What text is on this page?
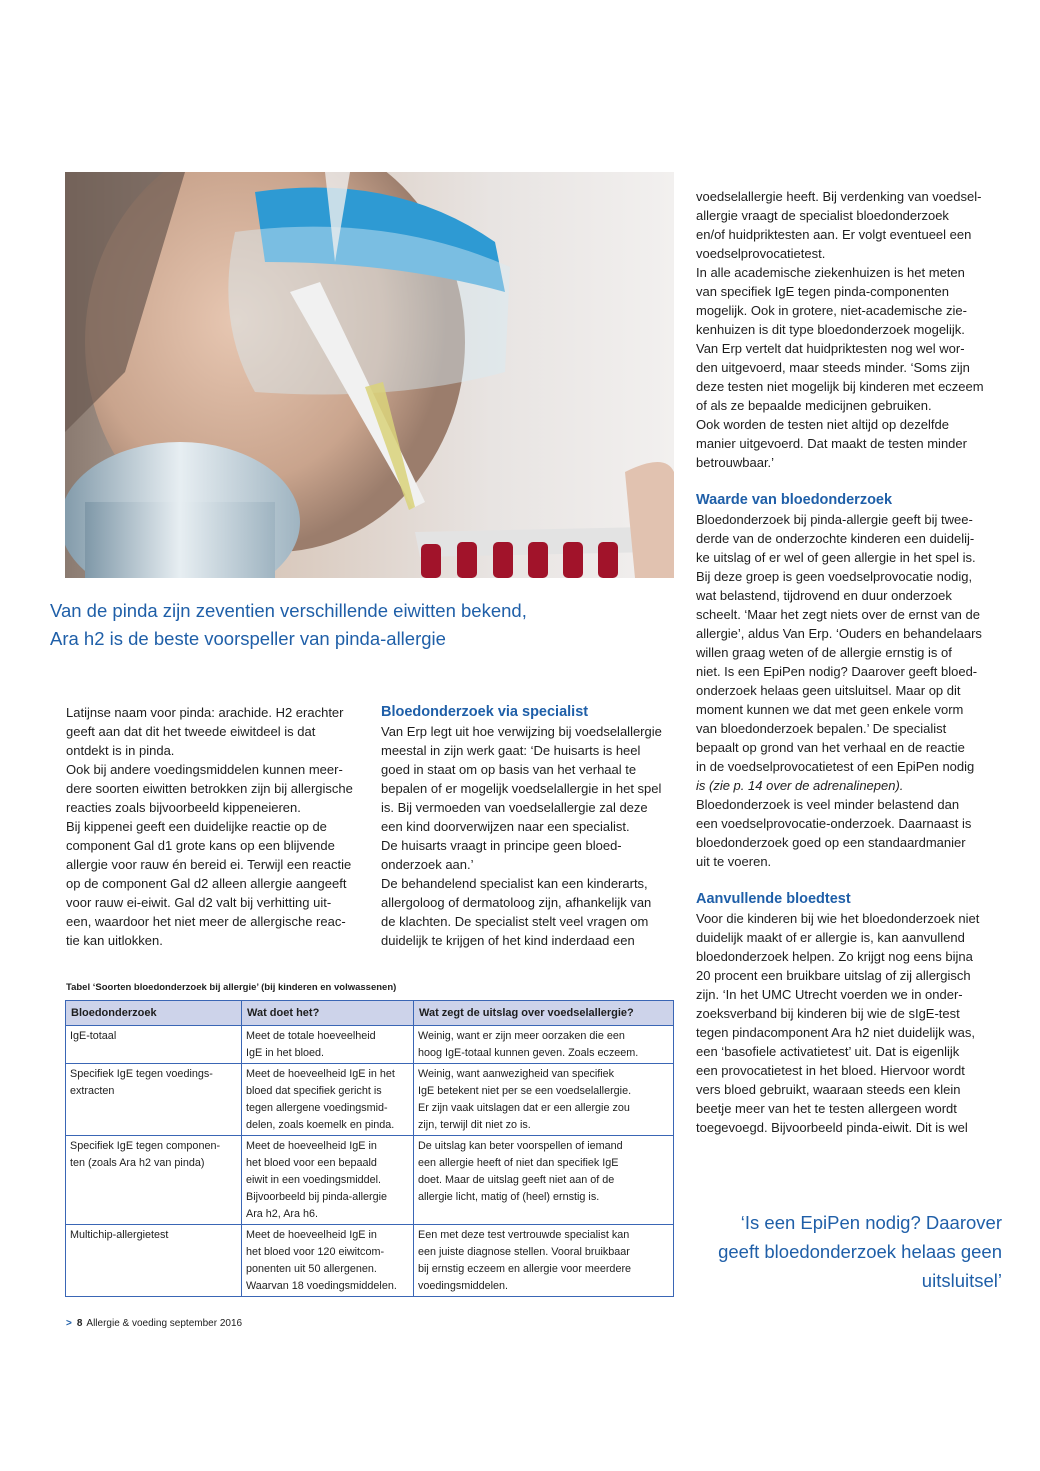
Van de pinda zijn zeventien verschillende eiwitten bekend,

Ara h2 is de beste voorspeller van pinda-allergie

Latijnse naam voor pinda: arachide. H2 erachter

geeft aan dat dit het tweede eiwitdeel is dat

ontdekt is in pinda.

Ook bij andere voedingsmiddelen kunnen meer-

dere soorten eiwitten betrokken zijn bij allergische

reacties zoals bijvoorbeeld kippeneieren.

Bij kippenei geeft een duidelijke reactie op de

component Gal d1 grote kans op een blijvende

allergie voor rauw én bereid ei. Terwijl een reactie

op de component Gal d2 alleen allergie aangeeft

voor rauw ei-eiwit. Gal d2 valt bij verhitting uit-

een, waardoor het niet meer de allergische reac-

tie kan uitlokken.

Bloedonderzoek via specialist

Van Erp legt uit hoe verwijzing bij voedselallergie

meestal in zijn werk gaat: ‘De huisarts is heel

goed in staat om op basis van het verhaal te

bepalen of er mogelijk voedselallergie in het spel

is. Bij vermoeden van voedselallergie zal deze

een kind doorverwijzen naar een specialist.

De huisarts vraagt in principe geen bloed-

onderzoek aan.’

De behandelend specialist kan een kinderarts,

allergoloog of dermatoloog zijn, afhankelijk van

de klachten. De specialist stelt veel vragen om

duidelijk te krijgen of het kind inderdaad een

voedselallergie heeft. Bij verdenking van voedsel-

allergie vraagt de specialist bloedonderzoek

en/of huidpriktesten aan. Er volgt eventueel een

voedselprovocatietest.

In alle academische ziekenhuizen is het meten

van specifiek IgE tegen pinda-componenten

mogelijk. Ook in grotere, niet-academische zie-

kenhuizen is dit type bloedonderzoek mogelijk.

Van Erp vertelt dat huidpriktesten nog wel wor-

den uitgevoerd, maar steeds minder. ‘Soms zijn

deze testen niet mogelijk bij kinderen met eczeem

of als ze bepaalde medicijnen gebruiken.

Ook worden de testen niet altijd op dezelfde

manier uitgevoerd. Dat maakt de testen minder

betrouwbaar.’

Waarde van bloedonderzoek

Bloedonderzoek bij pinda-allergie geeft bij twee-

derde van de onderzochte kinderen een duidelij-

ke uitslag of er wel of geen allergie in het spel is.

Bij deze groep is geen voedselprovocatie nodig,

wat belastend, tijdrovend en duur onderzoek

scheelt. ‘Maar het zegt niets over de ernst van de

allergie’, aldus Van Erp. ‘Ouders en behandelaars

willen graag weten of de allergie ernstig is of

niet. Is een EpiPen nodig? Daarover geeft bloed-

onderzoek helaas geen uitsluitsel. Maar op dit

moment kunnen we dat met geen enkele vorm

van bloedonderzoek bepalen.’ De specialist

bepaalt op grond van het verhaal en de reactie

in de voedselprovocatietest of een EpiPen nodig

is (zie p. 14 over de adrenalinepen).

Bloedonderzoek is veel minder belastend dan

een voedselprovocatie-onderzoek. Daarnaast is

bloedonderzoek goed op een standaardmanier

uit te voeren.

Aanvullende bloedtest

Voor die kinderen bij wie het bloedonderzoek niet

duidelijk maakt of er allergie is, kan aanvullend

bloedonderzoek helpen. Zo krijgt nog eens bijna

20 procent een bruikbare uitslag of zij allergisch

zijn. ‘In het UMC Utrecht voerden we in onder-

zoeksverband bij kinderen bij wie de sIgE-test

tegen pindacomponent Ara h2 niet duidelijk was,

een ‘basofiele activatietest’ uit. Dat is eigenlijk

een provocatietest in het bloed. Hiervoor wordt

vers bloed gebruikt, waaraan steeds een klein

beetje meer van het te testen allergeen wordt

toegevoegd. Bijvoorbeeld pinda-eiwit. Dit is wel

Tabel ‘Soorten bloedonderzoek bij allergie’ (bij kinderen en volwassenen)
Bloedonderzoek	Wat doet het?	Wat zegt de uitslag over voedselallergie?

IgE-totaal	Meet de totale hoeveelheid
IgE in het bloed.	Weinig, want er zijn meer oorzaken die een
hoog IgE-totaal kunnen geven. Zoals eczeem.

Specifiek IgE tegen voedings-
extracten	Meet de hoeveelheid IgE in het
bloed dat specifiek gericht is
tegen allergene voedingsmid-
delen, zoals koemelk en pinda.	Weinig, want aanwezigheid van specifiek
IgE betekent niet per se een voedselallergie.
Er zijn vaak uitslagen dat er een allergie zou
zijn, terwijl dit niet zo is.

Specifiek IgE tegen componen-
ten (zoals Ara h2 van pinda)	Meet de hoeveelheid IgE in
het bloed voor een bepaald
eiwit in een voedingsmiddel.
Bijvoorbeeld bij pinda-allergie
Ara h2, Ara h6.	De uitslag kan beter voorspellen of iemand
een allergie heeft of niet dan specifiek IgE
doet. Maar de uitslag geeft niet aan of de
allergie licht, matig of (heel) ernstig is.

Multichip-allergietest	Meet de hoeveelheid IgE in
het bloed voor 120 eiwitcom-
ponenten uit 50 allergenen.
Waarvan 18 voedingsmiddelen.	Een met deze test vertrouwde specialist kan
een juiste diagnose stellen. Vooral bruikbaar
bij ernstig eczeem en allergie voor meerdere
voedingsmiddelen.

‘Is een EpiPen nodig? Daarover

geeft bloedonderzoek helaas geen

uitsluitsel’

> 8 Allergie & voeding september 2016
